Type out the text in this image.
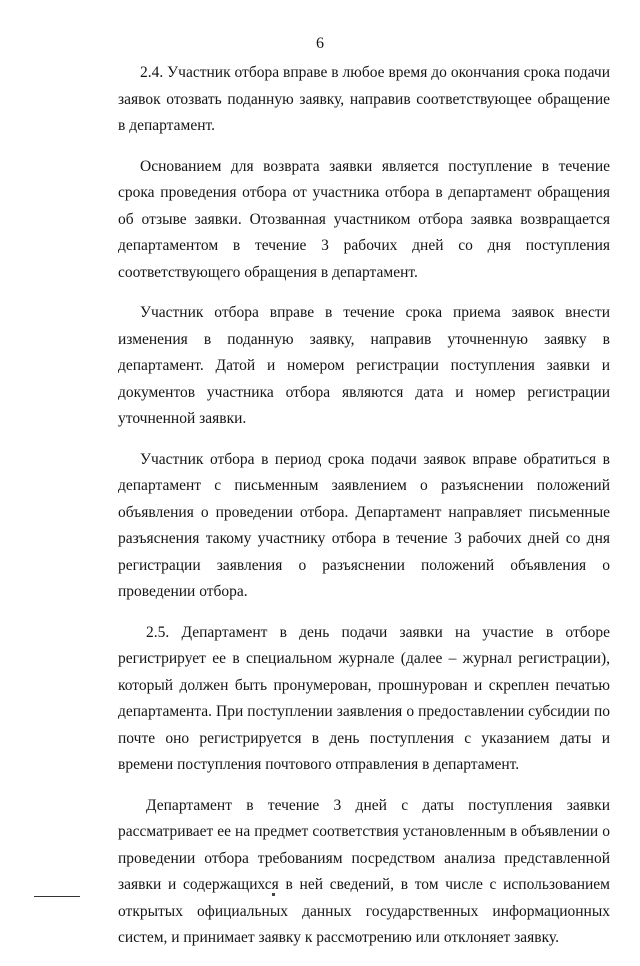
6

2.4. Участник отбора вправе в любое время до окончания срока подачи заявок отозвать поданную заявку, направив соответствующее обращение в департамент.

Основанием для возврата заявки является поступление в течение срока проведения отбора от участника отбора в департамент обращения об отзыве заявки. Отозванная участником отбора заявка возвращается департаментом в течение 3 рабочих дней со дня поступления соответствующего обращения в департамент.

Участник отбора вправе в течение срока приема заявок внести изменения в поданную заявку, направив уточненную заявку в департамент. Датой и номером регистрации поступления заявки и документов участника отбора являются дата и номер регистрации уточненной заявки.

Участник отбора в период срока подачи заявок вправе обратиться в департамент с письменным заявлением о разъяснении положений объявления о проведении отбора. Департамент направляет письменные разъяснения такому участнику отбора в течение 3 рабочих дней со дня регистрации заявления о разъяснении положений объявления о проведении отбора.

2.5. Департамент в день подачи заявки на участие в отборе регистрирует ее в специальном журнале (далее – журнал регистрации), который должен быть пронумерован, прошнурован и скреплен печатью департамента. При поступлении заявления о предоставлении субсидии по почте оно регистрируется в день поступления с указанием даты и времени поступления почтового отправления в департамент.

Департамент в течение 3 дней с даты поступления заявки рассматривает ее на предмет соответствия установленным в объявлении о проведении отбора требованиям посредством анализа представленной заявки и содержащихся в ней сведений, в том числе с использованием открытых официальных данных государственных информационных систем, и принимает заявку к рассмотрению или отклоняет заявку.
